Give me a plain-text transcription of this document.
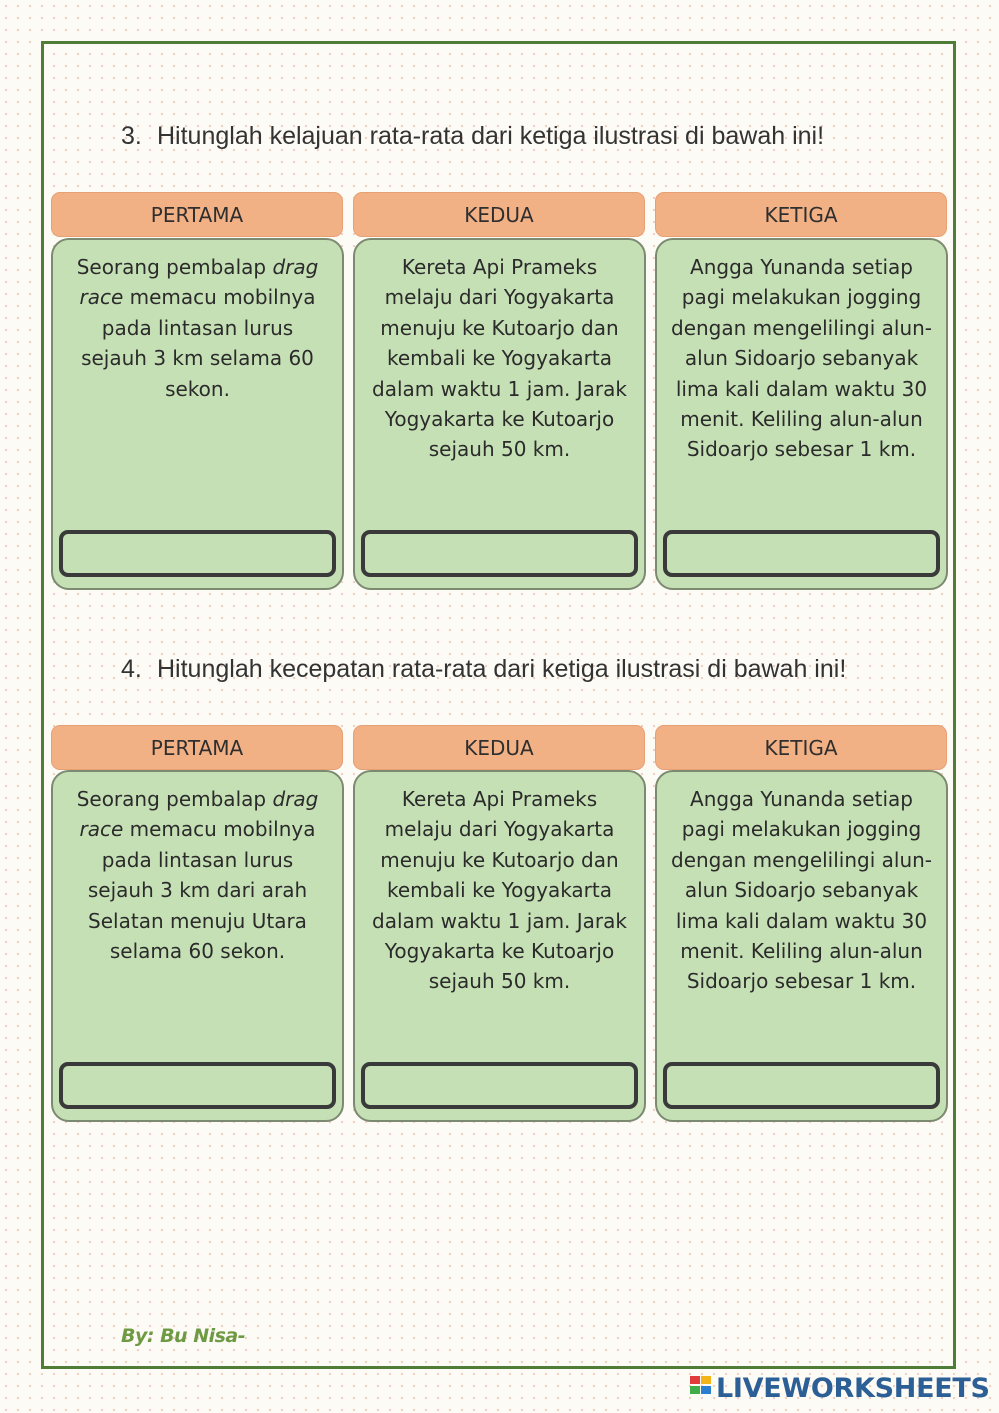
3. Hitunglah kelajuan rata-rata dari ketiga ilustrasi di bawah ini!
PERTAMA	KEDUA	KETIGA
Seorang pembalap drag race memacu mobilnya pada lintasan lurus sejauh 3 km selama 60 sekon.
Kereta Api Prameks melaju dari Yogyakarta menuju ke Kutoarjo dan kembali ke Yogyakarta dalam waktu 1 jam. Jarak Yogyakarta ke Kutoarjo sejauh 50 km.
Angga Yunanda setiap pagi melakukan jogging dengan mengelilingi alun-alun Sidoarjo sebanyak lima kali dalam waktu 30 menit. Keliling alun-alun Sidoarjo sebesar 1 km.
4. Hitunglah kecepatan rata-rata dari ketiga ilustrasi di bawah ini!
PERTAMA	KEDUA	KETIGA
Seorang pembalap drag race memacu mobilnya pada lintasan lurus sejauh 3 km dari arah Selatan menuju Utara selama 60 sekon.
Kereta Api Prameks melaju dari Yogyakarta menuju ke Kutoarjo dan kembali ke Yogyakarta dalam waktu 1 jam. Jarak Yogyakarta ke Kutoarjo sejauh 50 km.
Angga Yunanda setiap pagi melakukan jogging dengan mengelilingi alun-alun Sidoarjo sebanyak lima kali dalam waktu 30 menit. Keliling alun-alun Sidoarjo sebesar 1 km.
By: Bu Nisa-
LIVEWORKSHEETS
